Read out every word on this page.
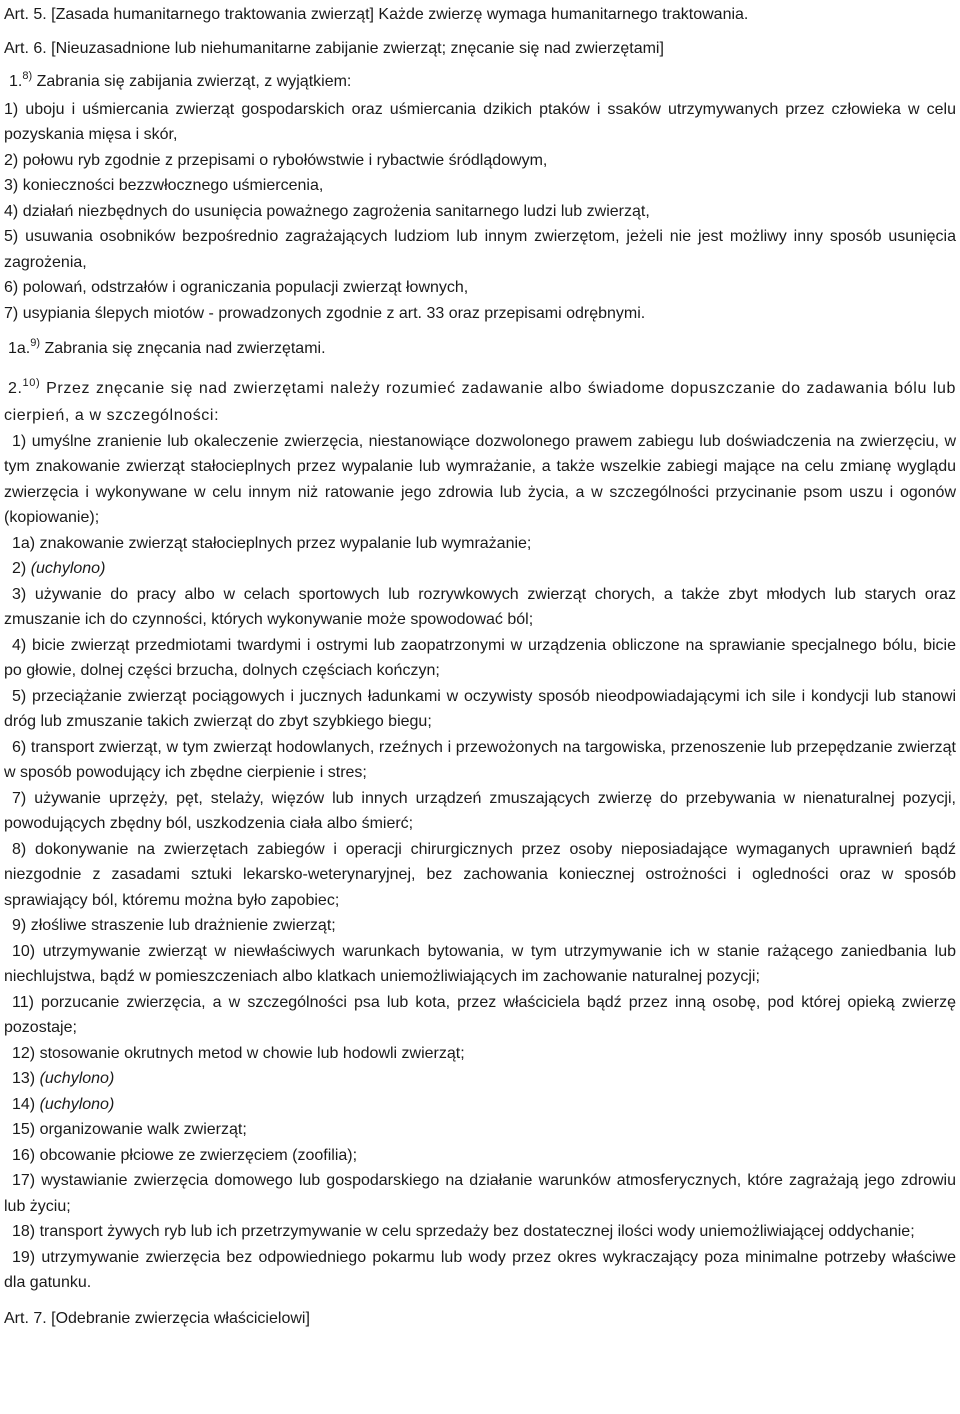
Art. 5. [Zasada humanitarnego traktowania zwierząt] Każde zwierzę wymaga humanitarnego traktowania.
Art. 6. [Nieuzasadnione lub niehumanitarne zabijanie zwierząt; znęcanie się nad zwierzętami]
1.$^{8)}$ Zabrania się zabijania zwierząt, z wyjątkiem:
1) uboju i uśmiercania zwierząt gospodarskich oraz uśmiercania dzikich ptaków i ssaków utrzymywanych przez człowieka w celu pozyskania mięsa i skór,
2) połowu ryb zgodnie z przepisami o rybołówstwie i rybactwie śródlądowym,
3) konieczności bezzwłocznego uśmiercenia,
4) działań niezbędnych do usunięcia poważnego zagrożenia sanitarnego ludzi lub zwierząt,
5) usuwania osobników bezpośrednio zagrażających ludziom lub innym zwierzętom, jeżeli nie jest możliwy inny sposób usunięcia zagrożenia,
6) polowań, odstrzałów i ograniczania populacji zwierząt łownych,
7) usypiania ślepych miotów - prowadzonych zgodnie z art. 33 oraz przepisami odrębnymi.
1a.$^{9)}$ Zabrania się znęcania nad zwierzętami.
2.$^{10)}$ Przez znęcanie się nad zwierzętami należy rozumieć zadawanie albo świadome dopuszczanie do zadawania bólu lub cierpień, a w szczególności:
1) umyślne zranienie lub okaleczenie zwierzęcia, niestanowiące dozwolonego prawem zabiegu lub doświadczenia na zwierzęciu, w tym znakowanie zwierząt stałocieplnych przez wypalanie lub wymrażanie, a także wszelkie zabiegi mające na celu zmianę wyglądu zwierzęcia i wykonywane w celu innym niż ratowanie jego zdrowia lub życia, a w szczególności przycinanie psom uszu i ogonów (kopiowanie);
1a) znakowanie zwierząt stałocieplnych przez wypalanie lub wymrażanie;
2) (uchylono)
3) używanie do pracy albo w celach sportowych lub rozrywkowych zwierząt chorych, a także zbyt młodych lub starych oraz zmuszanie ich do czynności, których wykonywanie może spowodować ból;
4) bicie zwierząt przedmiotami twardymi i ostrymi lub zaopatrzonymi w urządzenia obliczone na sprawianie specjalnego bólu, bicie po głowie, dolnej części brzucha, dolnych częściach kończyn;
5) przeciążanie zwierząt pociągowych i jucznych ładunkami w oczywisty sposób nieodpowiadającymi ich sile i kondycji lub stanowi dróg lub zmuszanie takich zwierząt do zbyt szybkiego biegu;
6) transport zwierząt, w tym zwierząt hodowlanych, rzeźnych i przewożonych na targowiska, przenoszenie lub przepędzanie zwierząt w sposób powodujący ich zbędne cierpienie i stres;
7) używanie uprzęży, pęt, stelaży, więzów lub innych urządzeń zmuszających zwierzę do przebywania w nienaturalnej pozycji, powodujących zbędny ból, uszkodzenia ciała albo śmierć;
8) dokonywanie na zwierzętach zabiegów i operacji chirurgicznych przez osoby nieposiadające wymaganych uprawnień bądź niezgodnie z zasadami sztuki lekarsko-weterynaryjnej, bez zachowania koniecznej ostrożności i ogledności oraz w sposób sprawiający ból, któremu można było zapobiec;
9) złośliwe straszenie lub drażnienie zwierząt;
10) utrzymywanie zwierząt w niewłaściwych warunkach bytowania, w tym utrzymywanie ich w stanie rażącego zaniedbania lub niechlujstwa, bądź w pomieszczeniach albo klatkach uniemożliwiających im zachowanie naturalnej pozycji;
11) porzucanie zwierzęcia, a w szczególności psa lub kota, przez właściciela bądź przez inną osobę, pod której opieką zwierzę pozostaje;
12) stosowanie okrutnych metod w chowie lub hodowli zwierząt;
13) (uchylono)
14) (uchylono)
15) organizowanie walk zwierząt;
16) obcowanie płciowe ze zwierzęciem (zoofilia);
17) wystawianie zwierzęcia domowego lub gospodarskiego na działanie warunków atmosferycznych, które zagrażają jego zdrowiu lub życiu;
18) transport żywych ryb lub ich przetrzymywanie w celu sprzedaży bez dostatecznej ilości wody uniemożliwiającej oddychanie;
19) utrzymywanie zwierzęcia bez odpowiedniego pokarmu lub wody przez okres wykraczający poza minimalne potrzeby właściwe dla gatunku.
Art. 7. [Odebranie zwierzęcia właścicielowi]
